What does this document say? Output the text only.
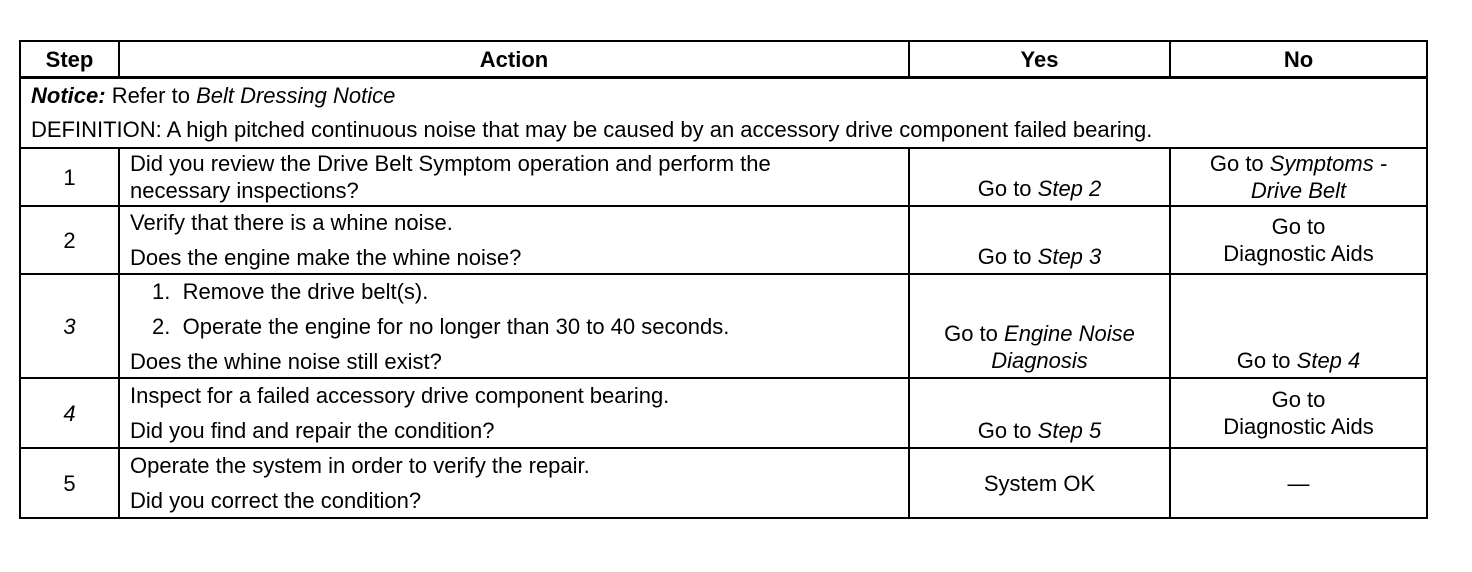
Step	Action	Yes	No

Notice: Refer to Belt Dressing Notice
DEFINITION: A high pitched continuous noise that may be caused by an accessory drive component failed bearing.			

1	Did you review the Drive Belt Symptom operation and perform the
necessary inspections?	Go to Step 2	Go to Symptoms -
Drive Belt

2	Verify that there is a whine noise.
Does the engine make the whine noise?	Go to Step 3	Go to
Diagnostic Aids

3	1. Remove the drive belt(s).
2. Operate the engine for no longer than 30 to 40 seconds.
Does the whine noise still exist?	Go to Engine Noise
Diagnosis	Go to Step 4
4	Inspect for a failed accessory drive component bearing.
Did you find and repair the condition?	Go to Step 5	Go to
Diagnostic Aids

5	Operate the system in order to verify the repair.
Did you correct the condition?	System OK	—
